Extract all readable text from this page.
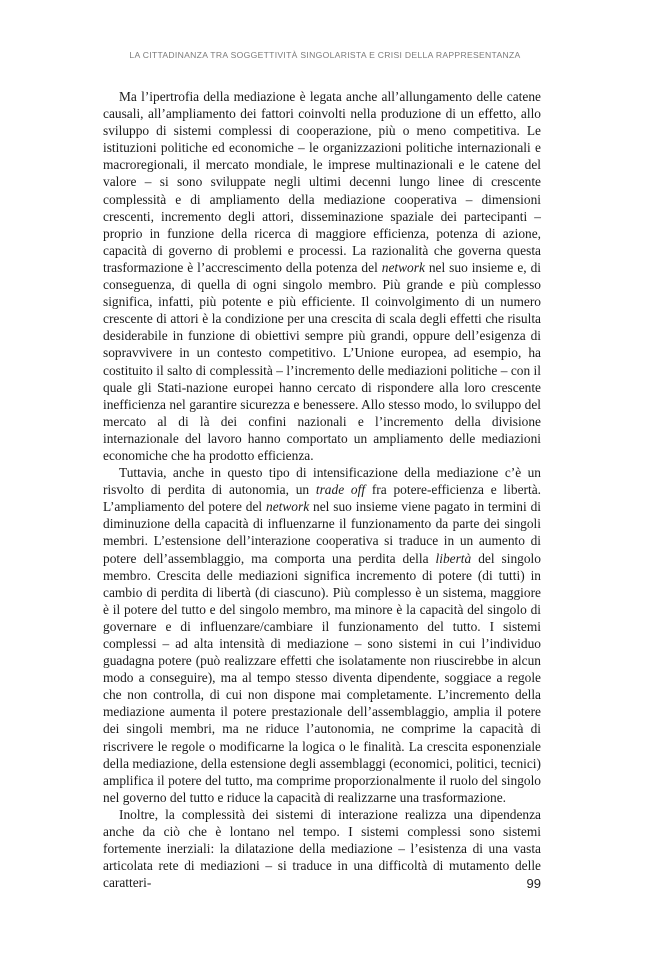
LA CITTADINANZA TRA SOGGETTIVITÀ SINGOLARISTA E CRISI DELLA RAPPRESENTANZA

Ma l’ipertrofia della mediazione è legata anche all’allungamento delle catene causali, all’ampliamento dei fattori coinvolti nella produzione di un effetto, allo sviluppo di sistemi complessi di cooperazione, più o meno competitiva. Le istituzioni politiche ed economiche – le organizzazioni politiche internazionali e macroregionali, il mercato mondiale, le imprese multinazionali e le catene del valore – si sono sviluppate negli ultimi decenni lungo linee di crescente complessità e di ampliamento della mediazione cooperativa – dimensioni crescenti, incremento degli attori, disseminazione spaziale dei partecipanti – proprio in funzione della ricerca di maggiore efficienza, potenza di azione, capacità di governo di problemi e processi. La razionalità che governa questa trasformazione è l’accrescimento della potenza del network nel suo insieme e, di conseguenza, di quella di ogni singolo membro. Più grande e più complesso significa, infatti, più potente e più efficiente. Il coinvolgimento di un numero crescente di attori è la condizione per una crescita di scala degli effetti che risulta desiderabile in funzione di obiettivi sempre più grandi, oppure dell’esigenza di sopravvivere in un contesto competitivo. L’Unione europea, ad esempio, ha costituito il salto di complessità – l’incremento delle mediazioni politiche – con il quale gli Stati-nazione europei hanno cercato di rispondere alla loro crescente inefficienza nel garantire sicurezza e benessere. Allo stesso modo, lo sviluppo del mercato al di là dei confini nazionali e l’incremento della divisione internazionale del lavoro hanno comportato un ampliamento delle mediazioni economiche che ha prodotto efficienza.

Tuttavia, anche in questo tipo di intensificazione della mediazione c’è un risvolto di perdita di autonomia, un trade off fra potere-efficienza e libertà. L’ampliamento del potere del network nel suo insieme viene pagato in termini di diminuzione della capacità di influenzarne il funzionamento da parte dei singoli membri. L’estensione dell’interazione cooperativa si traduce in un aumento di potere dell’assemblaggio, ma comporta una perdita della libertà del singolo membro. Crescita delle mediazioni significa incremento di potere (di tutti) in cambio di perdita di libertà (di ciascuno). Più complesso è un sistema, maggiore è il potere del tutto e del singolo membro, ma minore è la capacità del singolo di governare e di influenzare/cambiare il funzionamento del tutto. I sistemi complessi – ad alta intensità di mediazione – sono sistemi in cui l’individuo guadagna potere (può realizzare effetti che isolatamente non riuscirebbe in alcun modo a conseguire), ma al tempo stesso diventa dipendente, soggiace a regole che non controlla, di cui non dispone mai completamente. L’incremento della mediazione aumenta il potere prestazionale dell’assemblaggio, amplia il potere dei singoli membri, ma ne riduce l’autonomia, ne comprime la capacità di riscrivere le regole o modificarne la logica o le finalità. La crescita esponenziale della mediazione, della estensione degli assemblaggi (economici, politici, tecnici) amplifica il potere del tutto, ma comprime proporzionalmente il ruolo del singolo nel governo del tutto e riduce la capacità di realizzarne una trasformazione.

Inoltre, la complessità dei sistemi di interazione realizza una dipendenza anche da ciò che è lontano nel tempo. I sistemi complessi sono sistemi fortemente inerziali: la dilatazione della mediazione – l’esistenza di una vasta articolata rete di mediazioni – si traduce in una difficoltà di mutamento delle caratteri-	99
